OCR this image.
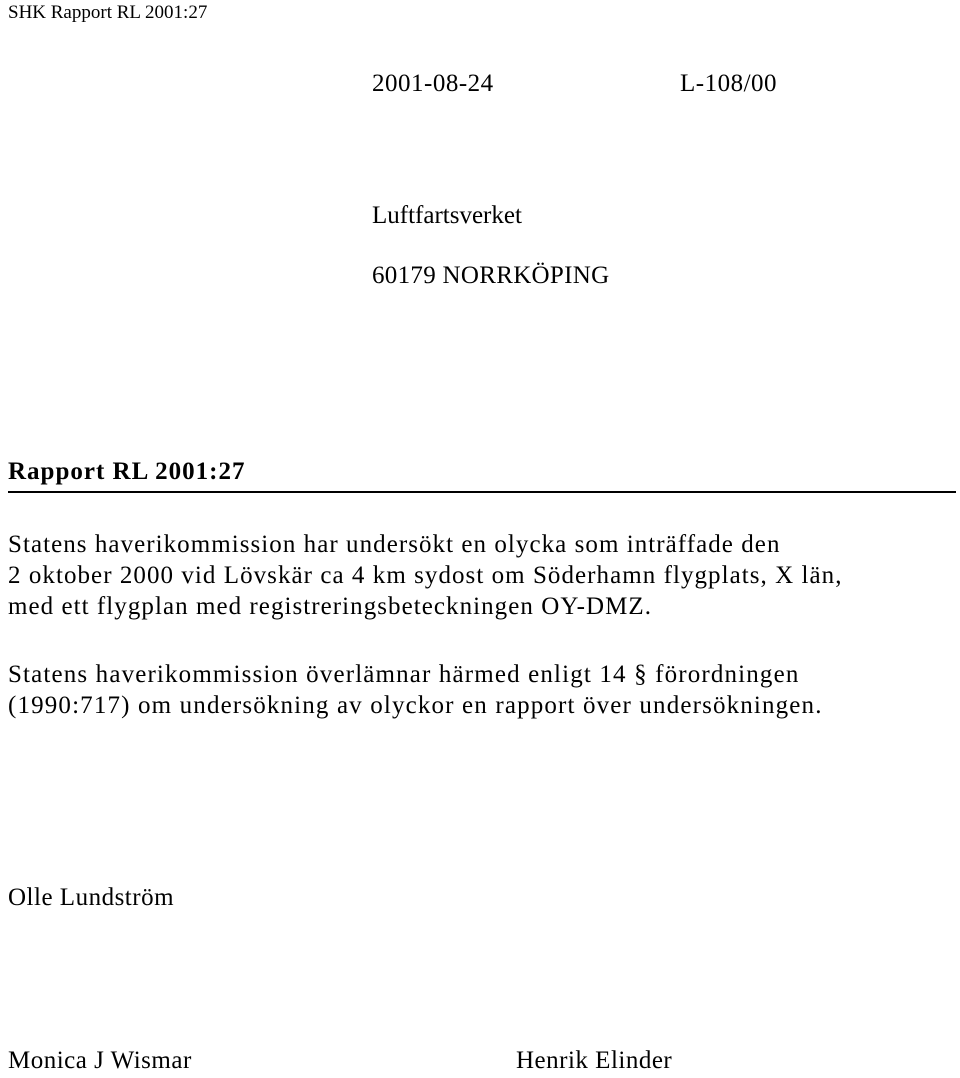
SHK Rapport RL 2001:27
2001-08-24	L-108/00
Luftfartsverket
60179 NORRKÖPING
Rapport RL 2001:27
Statens haverikommission har undersökt en olycka som inträffade den
2 oktober 2000 vid Lövskär ca 4 km sydost om Söderhamn flygplats, X län,
med ett flygplan med registreringsbeteckningen OY-DMZ.
Statens haverikommission överlämnar härmed enligt 14 § förordningen
(1990:717) om undersökning av olyckor en rapport över undersökningen.
Olle Lundström
Monica J Wismar	Henrik Elinder
